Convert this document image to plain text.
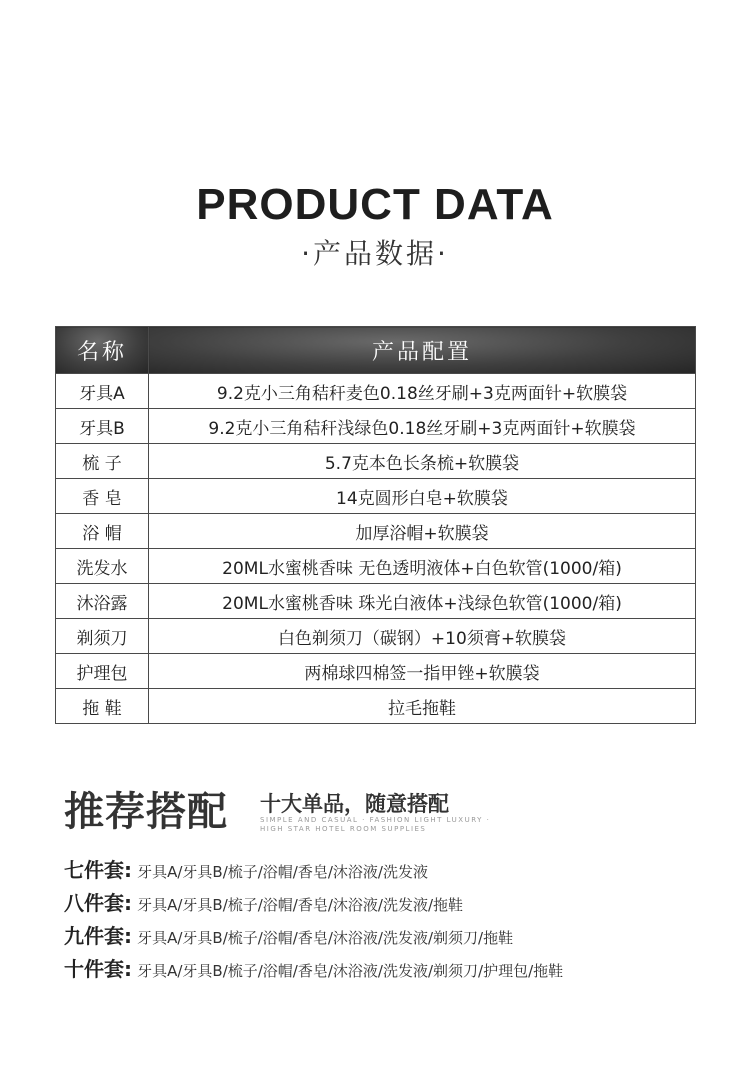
PRODUCT DATA
·产品数据·
名称	产品配置
牙具A	9.2克小三角秸秆麦色0.18丝牙刷+3克两面针+软膜袋
牙具B	9.2克小三角秸秆浅绿色0.18丝牙刷+3克两面针+软膜袋
梳 子	5.7克本色长条梳+软膜袋
香 皂	14克圆形白皂+软膜袋
浴 帽	加厚浴帽+软膜袋
洗发水	20ML水蜜桃香味 无色透明液体+白色软管(1000/箱)
沐浴露	20ML水蜜桃香味 珠光白液体+浅绿色软管(1000/箱)
剃须刀	白色剃须刀（碳钢）+10须膏+软膜袋
护理包	两棉球四棉签一指甲锉+软膜袋
拖 鞋	拉毛拖鞋
推荐搭配 十大单品，随意搭配
SIMPLE AND CASUAL · FASHION LIGHT LUXURY ·
HIGH STAR HOTEL ROOM SUPPLIES
七件套: 牙具A/牙具B/梳子/浴帽/香皂/沐浴液/洗发液
八件套: 牙具A/牙具B/梳子/浴帽/香皂/沐浴液/洗发液/拖鞋
九件套: 牙具A/牙具B/梳子/浴帽/香皂/沐浴液/洗发液/剃须刀/拖鞋
十件套: 牙具A/牙具B/梳子/浴帽/香皂/沐浴液/洗发液/剃须刀/护理包/拖鞋
